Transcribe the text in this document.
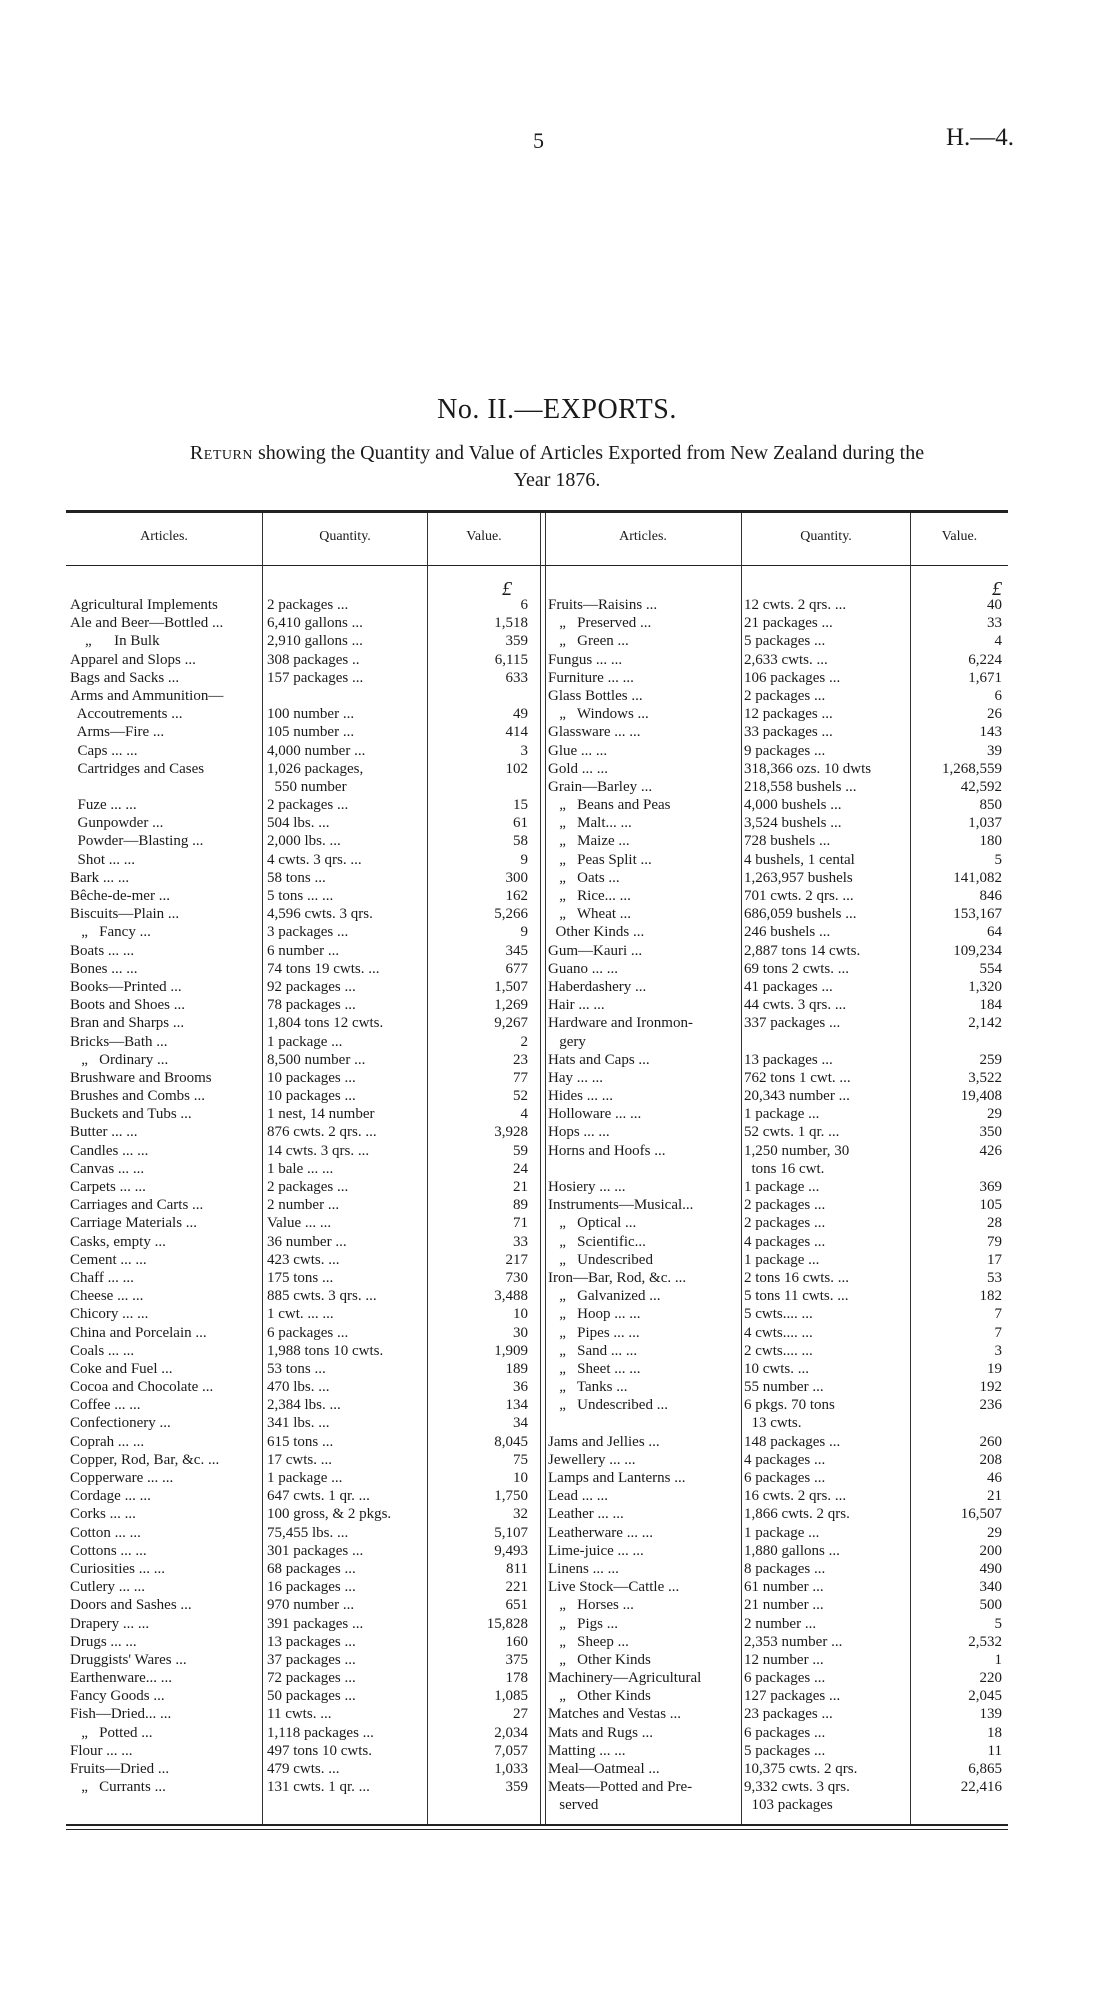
5	H.—4.
No. II.—EXPORTS.
Return showing the Quantity and Value of Articles Exported from New Zealand during the
Year 1876.
Articles.	Quantity.	Value.	Articles.	Quantity.	Value.
£	£
Agricultural Implements	2 packages ...	6
Ale and Beer—Bottled ...	6,410 gallons ...	1,518
„      In Bulk	2,910 gallons ...	359
Apparel and Slops ...	308 packages ..	6,115
Bags and Sacks ...	157 packages ...	633
Arms and Ammunition—
Accoutrements ...	100 number ...	49
Arms—Fire ...	105 number ...	414
Caps ... ...	4,000 number ...	3
Cartridges and Cases	1,026 packages,	102
550 number
Fuze ... ...	2 packages ...	15
Gunpowder ...	504 lbs. ...	61
Powder—Blasting ...	2,000 lbs. ...	58
Shot ... ...	4 cwts. 3 qrs. ...	9
Bark ... ...	58 tons ...	300
Bêche-de-mer ...	5 tons ... ...	162
Biscuits—Plain ...	4,596 cwts. 3 qrs.	5,266
„   Fancy ...	3 packages ...	9
Boats ... ...	6 number ...	345
Bones ... ...	74 tons 19 cwts. ...	677
Books—Printed ...	92 packages ...	1,507
Boots and Shoes ...	78 packages ...	1,269
Bran and Sharps ...	1,804 tons 12 cwts.	9,267
Bricks—Bath ...	1 package ...	2
„   Ordinary ...	8,500 number ...	23
Brushware and Brooms	10 packages ...	77
Brushes and Combs ...	10 packages ...	52
Buckets and Tubs ...	1 nest, 14 number	4
Butter ... ...	876 cwts. 2 qrs. ...	3,928
Candles ... ...	14 cwts. 3 qrs. ...	59
Canvas ... ...	1 bale ... ...	24
Carpets ... ...	2 packages ...	21
Carriages and Carts ...	2 number ...	89
Carriage Materials ...	Value ... ...	71
Casks, empty ...	36 number ...	33
Cement ... ...	423 cwts. ...	217
Chaff ... ...	175 tons ...	730
Cheese ... ...	885 cwts. 3 qrs. ...	3,488
Chicory ... ...	1 cwt. ... ...	10
China and Porcelain ...	6 packages ...	30
Coals ... ...	1,988 tons 10 cwts.	1,909
Coke and Fuel ...	53 tons ...	189
Cocoa and Chocolate ...	470 lbs. ...	36
Coffee ... ...	2,384 lbs. ...	134
Confectionery ...	341 lbs. ...	34
Coprah ... ...	615 tons ...	8,045
Copper, Rod, Bar, &c. ...	17 cwts. ...	75
Copperware ... ...	1 package ...	10
Cordage ... ...	647 cwts. 1 qr. ...	1,750
Corks ... ...	100 gross, & 2 pkgs.	32
Cotton ... ...	75,455 lbs. ...	5,107
Cottons ... ...	301 packages ...	9,493
Curiosities ... ...	68 packages ...	811
Cutlery ... ...	16 packages ...	221
Doors and Sashes ...	970 number ...	651
Drapery ... ...	391 packages ...	15,828
Drugs ... ...	13 packages ...	160
Druggists' Wares ...	37 packages ...	375
Earthenware... ...	72 packages ...	178
Fancy Goods ...	50 packages ...	1,085
Fish—Dried... ...	11 cwts. ...	27
„   Potted ...	1,118 packages ...	2,034
Flour ... ...	497 tons 10 cwts.	7,057
Fruits—Dried ...	479 cwts. ...	1,033
„   Currants ...	131 cwts. 1 qr. ...	359
Fruits—Raisins ...	12 cwts. 2 qrs. ...	40
„   Preserved ...	21 packages ...	33
„   Green ...	5 packages ...	4
Fungus ... ...	2,633 cwts. ...	6,224
Furniture ... ...	106 packages ...	1,671
Glass Bottles ...	2 packages ...	6
„   Windows ...	12 packages ...	26
Glassware ... ...	33 packages ...	143
Glue ... ...	9 packages ...	39
Gold ... ...	318,366 ozs. 10 dwts	1,268,559
Grain—Barley ...	218,558 bushels ...	42,592
„   Beans and Peas	4,000 bushels ...	850
„   Malt... ...	3,524 bushels ...	1,037
„   Maize ...	728 bushels ...	180
„   Peas Split ...	4 bushels, 1 cental	5
„   Oats ...	1,263,957 bushels	141,082
„   Rice... ...	701 cwts. 2 qrs. ...	846
„   Wheat ...	686,059 bushels ...	153,167
Other Kinds ...	246 bushels ...	64
Gum—Kauri ...	2,887 tons 14 cwts.	109,234
Guano ... ...	69 tons 2 cwts. ...	554
Haberdashery ...	41 packages ...	1,320
Hair ... ...	44 cwts. 3 qrs. ...	184
Hardware and Ironmon-	337 packages ...	2,142
gery
Hats and Caps ...	13 packages ...	259
Hay ... ...	762 tons 1 cwt. ...	3,522
Hides ... ...	20,343 number ...	19,408
Holloware ... ...	1 package ...	29
Hops ... ...	52 cwts. 1 qr. ...	350
Horns and Hoofs ...	1,250 number, 30	426
tons 16 cwt.
Hosiery ... ...	1 package ...	369
Instruments—Musical...	2 packages ...	105
„   Optical ...	2 packages ...	28
„   Scientific...	4 packages ...	79
„   Undescribed	1 package ...	17
Iron—Bar, Rod, &c. ...	2 tons 16 cwts. ...	53
„   Galvanized ...	5 tons 11 cwts. ...	182
„   Hoop ... ...	5 cwts.... ...	7
„   Pipes ... ...	4 cwts.... ...	7
„   Sand ... ...	2 cwts.... ...	3
„   Sheet ... ...	10 cwts. ...	19
„   Tanks ...	55 number ...	192
„   Undescribed ...	6 pkgs. 70 tons	236
13 cwts.
Jams and Jellies ...	148 packages ...	260
Jewellery ... ...	4 packages ...	208
Lamps and Lanterns ...	6 packages ...	46
Lead ... ...	16 cwts. 2 qrs. ...	21
Leather ... ...	1,866 cwts. 2 qrs.	16,507
Leatherware ... ...	1 package ...	29
Lime-juice ... ...	1,880 gallons ...	200
Linens ... ...	8 packages ...	490
Live Stock—Cattle ...	61 number ...	340
„   Horses ...	21 number ...	500
„   Pigs ...	2 number ...	5
„   Sheep ...	2,353 number ...	2,532
„   Other Kinds	12 number ...	1
Machinery—Agricultural	6 packages ...	220
„   Other Kinds	127 packages ...	2,045
Matches and Vestas ...	23 packages ...	139
Mats and Rugs ...	6 packages ...	18
Matting ... ...	5 packages ...	11
Meal—Oatmeal ...	10,375 cwts. 2 qrs.	6,865
Meats—Potted and Pre-	9,332 cwts. 3 qrs.	22,416
served	103 packages
